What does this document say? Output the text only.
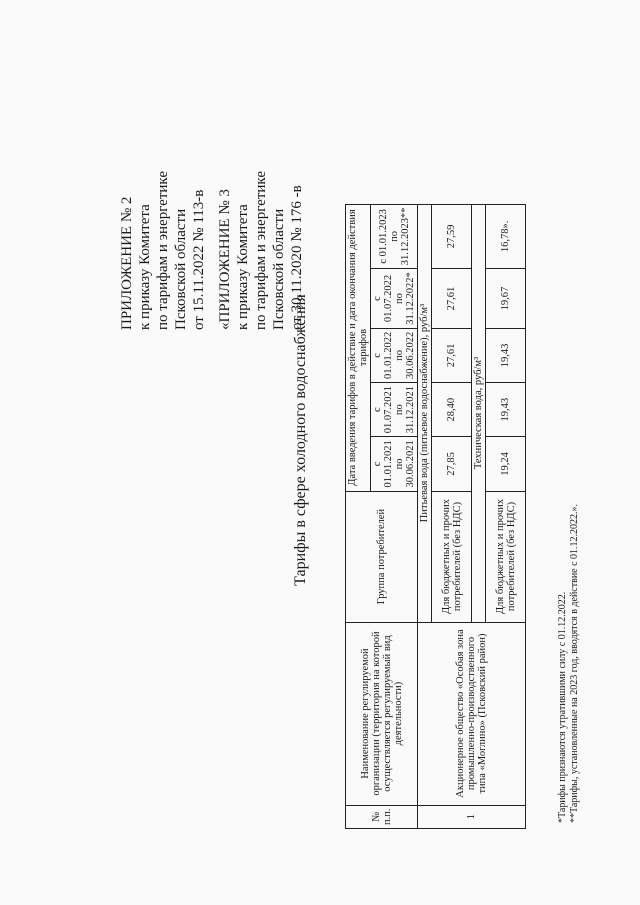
ПРИЛОЖЕНИЕ № 2 к приказу Комитета по тарифам и энергетике Псковской области от 15.11.2022 № 113-в «ПРИЛОЖЕНИЕ № 3 к приказу Комитета по тарифам и энергетике Псковской области от 30.11.2020 № 176 -в
Тарифы в сфере холодного водоснабжения
№ п.п.	Наименование регулируемой организации (территория на которой осуществляется регулируемый вид деятельности)	Группа потребителей	Дата введения тарифов в действие и дата окончания действия тарифов				
			с 01.01.2021 по 30.06.2021	с 01.07.2021 по 31.12.2021	с 01.01.2022 по 30.06.2022	с 01.07.2022 по 31.12.2022*	с 01.01.2023 по 31.12.2023**
1	Акционерное общество «Особая зона промышленно-производственного типа «Моглино» (Псковский район)	Питьевая вода (питьевое водоснабжение), руб/м³					
		Для бюджетных и прочих потребителей (без НДС)	27,85	28,40	27,61	27,61	27,59
		Техническая вода, руб/м³					
		Для бюджетных и прочих потребителей (без НДС)	19,24	19,43	19,43	19,67	16,78».
*Тарифы признаются утратившими силу с 01.12.2022. **Тарифы, установленные на 2023 год, вводятся в действие с 01.12.2022.».
